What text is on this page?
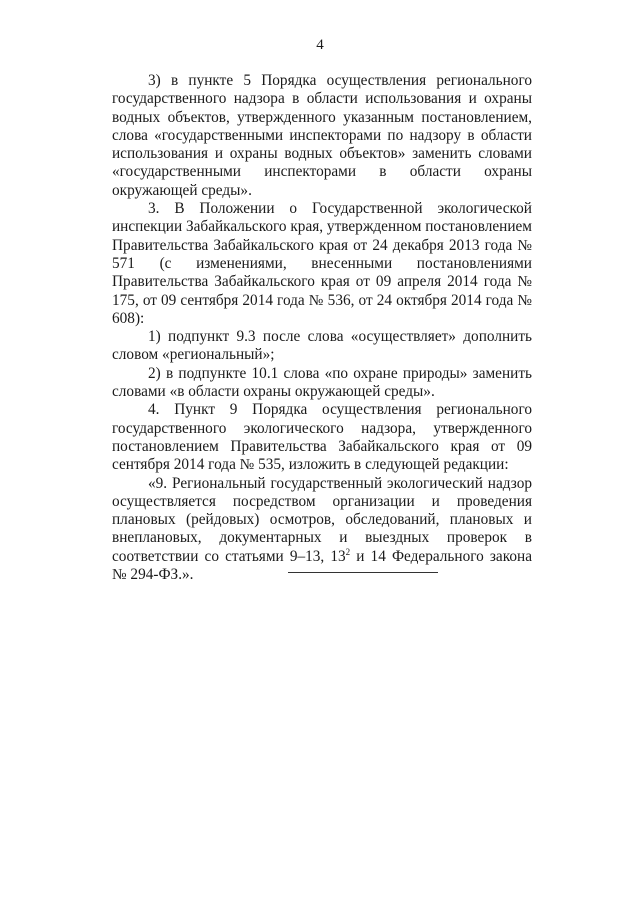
4

3) в пункте 5 Порядка осуществления регионального государственного надзора в области использования и охраны водных объектов, утвержденного указанным постановлением, слова «государственными инспекторами по надзору в области использования и охраны водных объектов» заменить словами «государственными инспекторами в области охраны окружающей среды».

3. В Положении о Государственной экологической инспекции Забайкальского края, утвержденном постановлением Правительства Забайкальского края от 24 декабря 2013 года № 571 (с изменениями, внесенными постановлениями Правительства Забайкальского края от 09 апреля 2014 года № 175, от 09 сентября 2014 года № 536, от 24 октября 2014 года № 608):

1) подпункт 9.3 после слова «осуществляет» дополнить словом «региональный»;

2) в подпункте 10.1 слова «по охране природы» заменить словами «в области охраны окружающей среды».

4. Пункт 9 Порядка осуществления регионального государственного экологического надзора, утвержденного постановлением Правительства Забайкальского края от 09 сентября 2014 года № 535, изложить в следующей редакции:

«9. Региональный государственный экологический надзор осуществляется посредством организации и проведения плановых (рейдовых) осмотров, обследований, плановых и внеплановых, документарных и выездных проверок в соответствии со статьями 9–13, $13^2$ и 14 Федерального закона № 294-ФЗ.».
